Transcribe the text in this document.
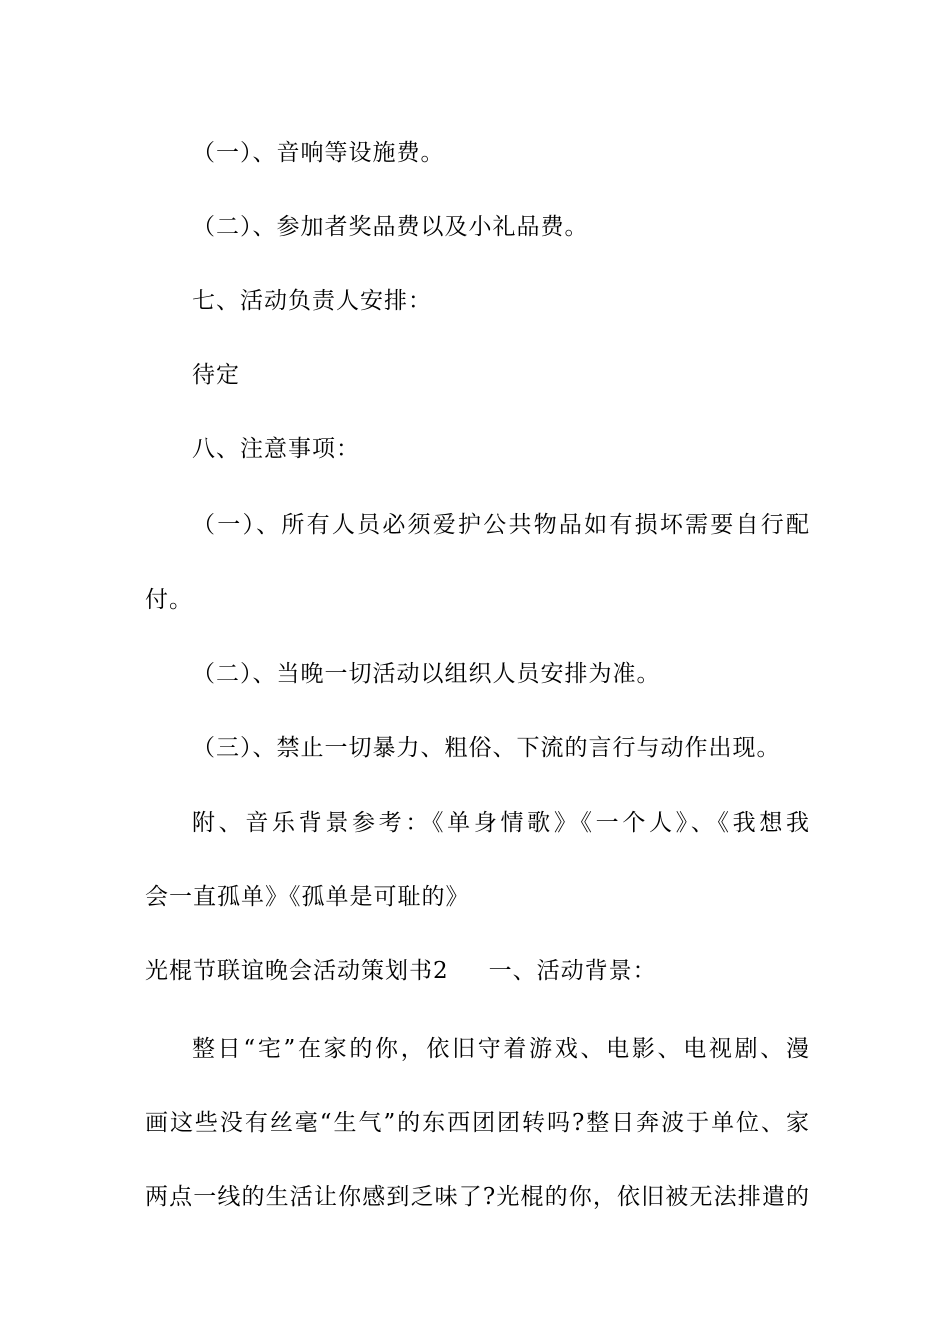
（一）、音响等设施费。
（二）、参加者奖品费以及小礼品费。
七、活动负责人安排：
待定
八、注意事项：
（一）、所有人员必须爱护公共物品如有损坏需要自行配
付。
（二）、当晚一切活动以组织人员安排为准。
（三）、禁止一切暴力、粗俗、下流的言行与动作出现。
附、音乐背景参考：《单身情歌》《一个人》、《我想我
会一直孤单》《孤单是可耻的》
光棍节联谊晚会活动策划书2 一、活动背景：
整日“宅”在家的你，依旧守着游戏、电影、电视剧、漫
画这些没有丝毫“生气”的东西团团转吗?整日奔波于单位、家
两点一线的生活让你感到乏味了?光棍的你，依旧被无法排遣的
